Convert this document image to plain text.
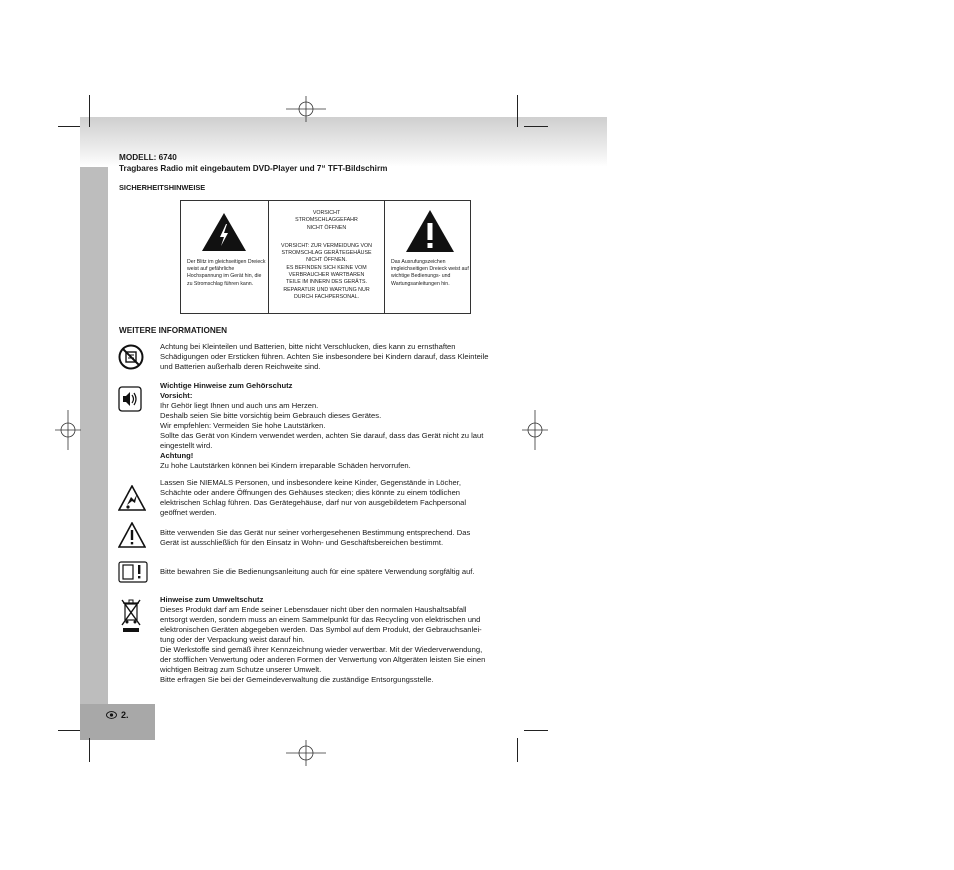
MODELL: 6740
Tragbares Radio mit eingebautem DVD-Player und 7“ TFT-Bildschirm
SICHERHEITSHINWEISE
Der Blitz im gleichseitigen Dreieck weist auf gefährliche Hochspannung im Gerät hin, die zu Stromschlag führen kann.
VORSICHT
STROMSCHLAGGEFAHR
NICHT ÖFFNEN
VORSICHT: ZUR VERMEIDUNG VON
STROMSCHLAG GERÄTEGEHÄUSE
NICHT ÖFFNEN.
ES BEFINDEN SICH KEINE VOM
VERBRAUCHER WARTBAREN
TEILE IM INNERN DES GERÄTS.
REPARATUR UND WARTUNG NUR
DURCH FACHPERSONAL.
Das Ausrufungszeichen imgleichseitigen Dreieck weist auf wichtige Bedienungs- und Wartungsanleitungen hin.
WEITERE INFORMATIONEN
Achtung bei Kleinteilen und Batterien, bitte nicht Verschlucken, dies kann zu ernsthaften
Schädigungen oder Ersticken führen. Achten Sie insbesondere bei Kindern darauf, dass Kleinteile
und Batterien außerhalb deren Reichweite sind.
Wichtige Hinweise zum Gehörschutz
Vorsicht:
Ihr Gehör liegt Ihnen und auch uns am Herzen.
Deshalb seien Sie bitte vorsichtig beim Gebrauch dieses Gerätes.
Wir empfehlen: Vermeiden Sie hohe Lautstärken.
Sollte das Gerät von Kindern verwendet werden, achten Sie darauf, dass das Gerät nicht zu laut
eingestellt wird.
Achtung!
Zu hohe Lautstärken können bei Kindern irreparable Schäden hervorrufen.
Lassen Sie NIEMALS Personen, und insbesondere keine Kinder, Gegenstände in Löcher,
Schächte oder andere Öffnungen des Gehäuses stecken; dies könnte zu einem tödlichen
elektrischen Schlag führen. Das Gerätegehäuse, darf nur von ausgebildetem Fachpersonal
geöffnet werden.
Bitte verwenden Sie das Gerät nur seiner vorhergesehenen Bestimmung entsprechend. Das
Gerät ist ausschließlich für den Einsatz in Wohn- und Geschäftsbereichen bestimmt.
Bitte bewahren Sie die Bedienungsanleitung auch für eine spätere Verwendung sorgfältig auf.
Hinweise zum Umweltschutz
Dieses Produkt darf am Ende seiner Lebensdauer nicht über den normalen Haushaltsabfall
entsorgt werden, sondern muss an einem Sammelpunkt für das Recycling von elektrischen und
elektronischen Geräten abgegeben werden. Das Symbol auf dem Produkt, der Gebrauchsanlei-
tung oder der Verpackung weist darauf hin.
Die Werkstoffe sind gemäß ihrer Kennzeichnung wieder verwertbar. Mit der Wiederverwendung,
der stofflichen Verwertung oder anderen Formen der Verwertung von Altgeräten leisten Sie einen
wichtigen Beitrag zum Schutze unserer Umwelt.
Bitte erfragen Sie bei der Gemeindeverwaltung die zuständige Entsorgungsstelle.
2.
